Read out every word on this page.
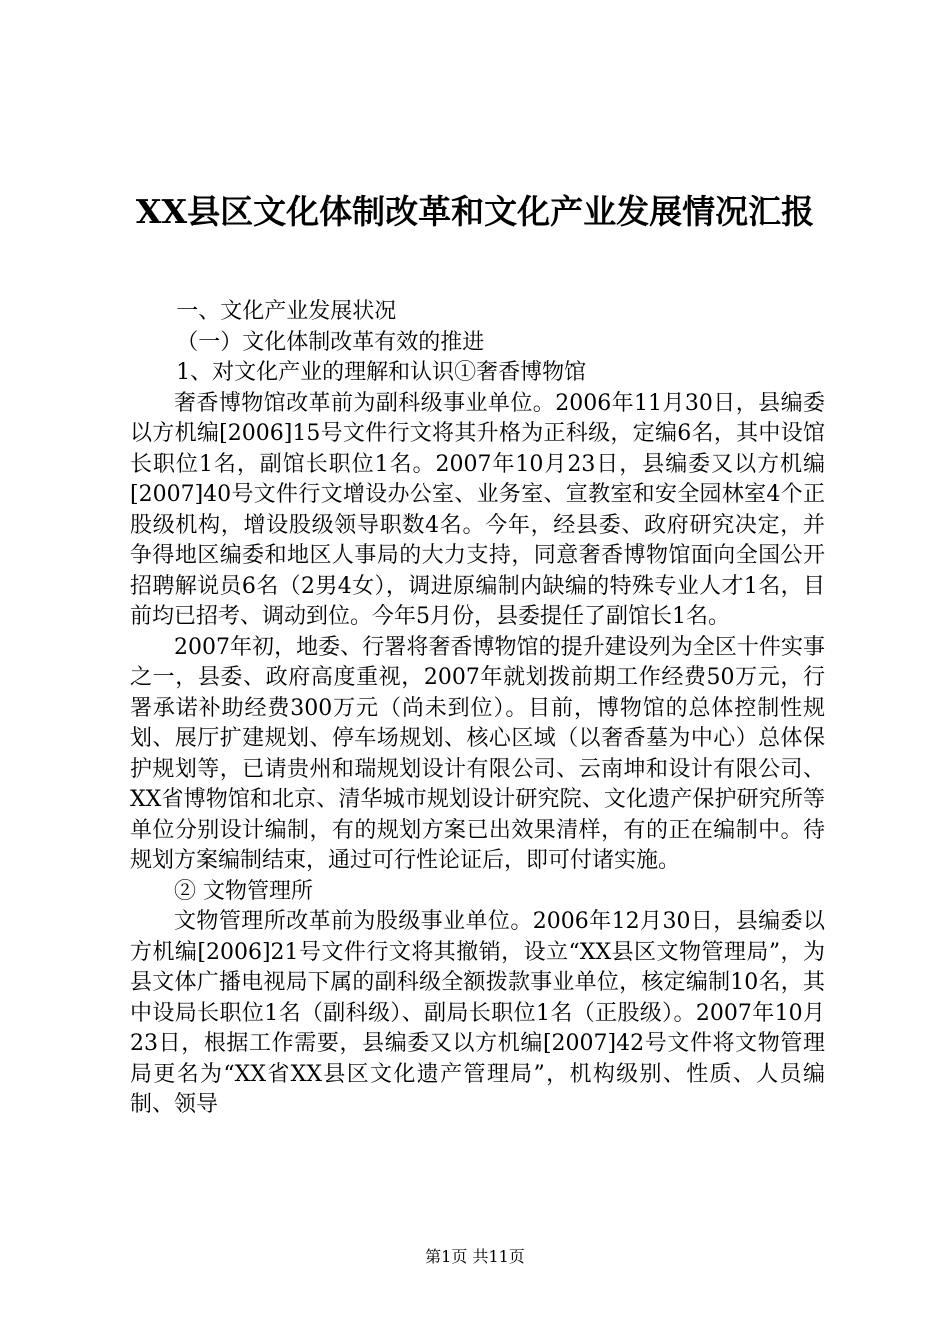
XX县区文化体制改革和文化产业发展情况汇报

一、文化产业发展状况

（一）文化体制改革有效的推进

1、对文化产业的理解和认识①奢香博物馆

奢香博物馆改革前为副科级事业单位。2006年11月30日，县编委以方机编[2006]15号文件行文将其升格为正科级，定编6名，其中设馆长职位1名，副馆长职位1名。2007年10月23日，县编委又以方机编[2007]40号文件行文增设办公室、业务室、宣教室和安全园林室4个正股级机构，增设股级领导职数4名。今年，经县委、政府研究决定，并争得地区编委和地区人事局的大力支持，同意奢香博物馆面向全国公开招聘解说员6名（2男4女），调进原编制内缺编的特殊专业人才1名，目前均已招考、调动到位。今年5月份，县委提任了副馆长1名。

2007年初，地委、行署将奢香博物馆的提升建设列为全区十件实事之一，县委、政府高度重视，2007年就划拨前期工作经费50万元，行署承诺补助经费300万元（尚未到位）。目前，博物馆的总体控制性规划、展厅扩建规划、停车场规划、核心区域（以奢香墓为中心）总体保护规划等，已请贵州和瑞规划设计有限公司、云南坤和设计有限公司、XX省博物馆和北京、清华城市规划设计研究院、文化遗产保护研究所等单位分别设计编制，有的规划方案已出效果清样，有的正在编制中。待规划方案编制结束，通过可行性论证后，即可付诸实施。

② 文物管理所

文物管理所改革前为股级事业单位。2006年12月30日，县编委以方机编[2006]21号文件行文将其撤销，设立“XX县区文物管理局”，为县文体广播电视局下属的副科级全额拨款事业单位，核定编制10名，其中设局长职位1名（副科级）、副局长职位1名（正股级）。2007年10月23日，根据工作需要，县编委又以方机编[2007]42号文件将文物管理局更名为“XX省XX县区文化遗产管理局”，机构级别、性质、人员编制、领导

第1页 共11页
